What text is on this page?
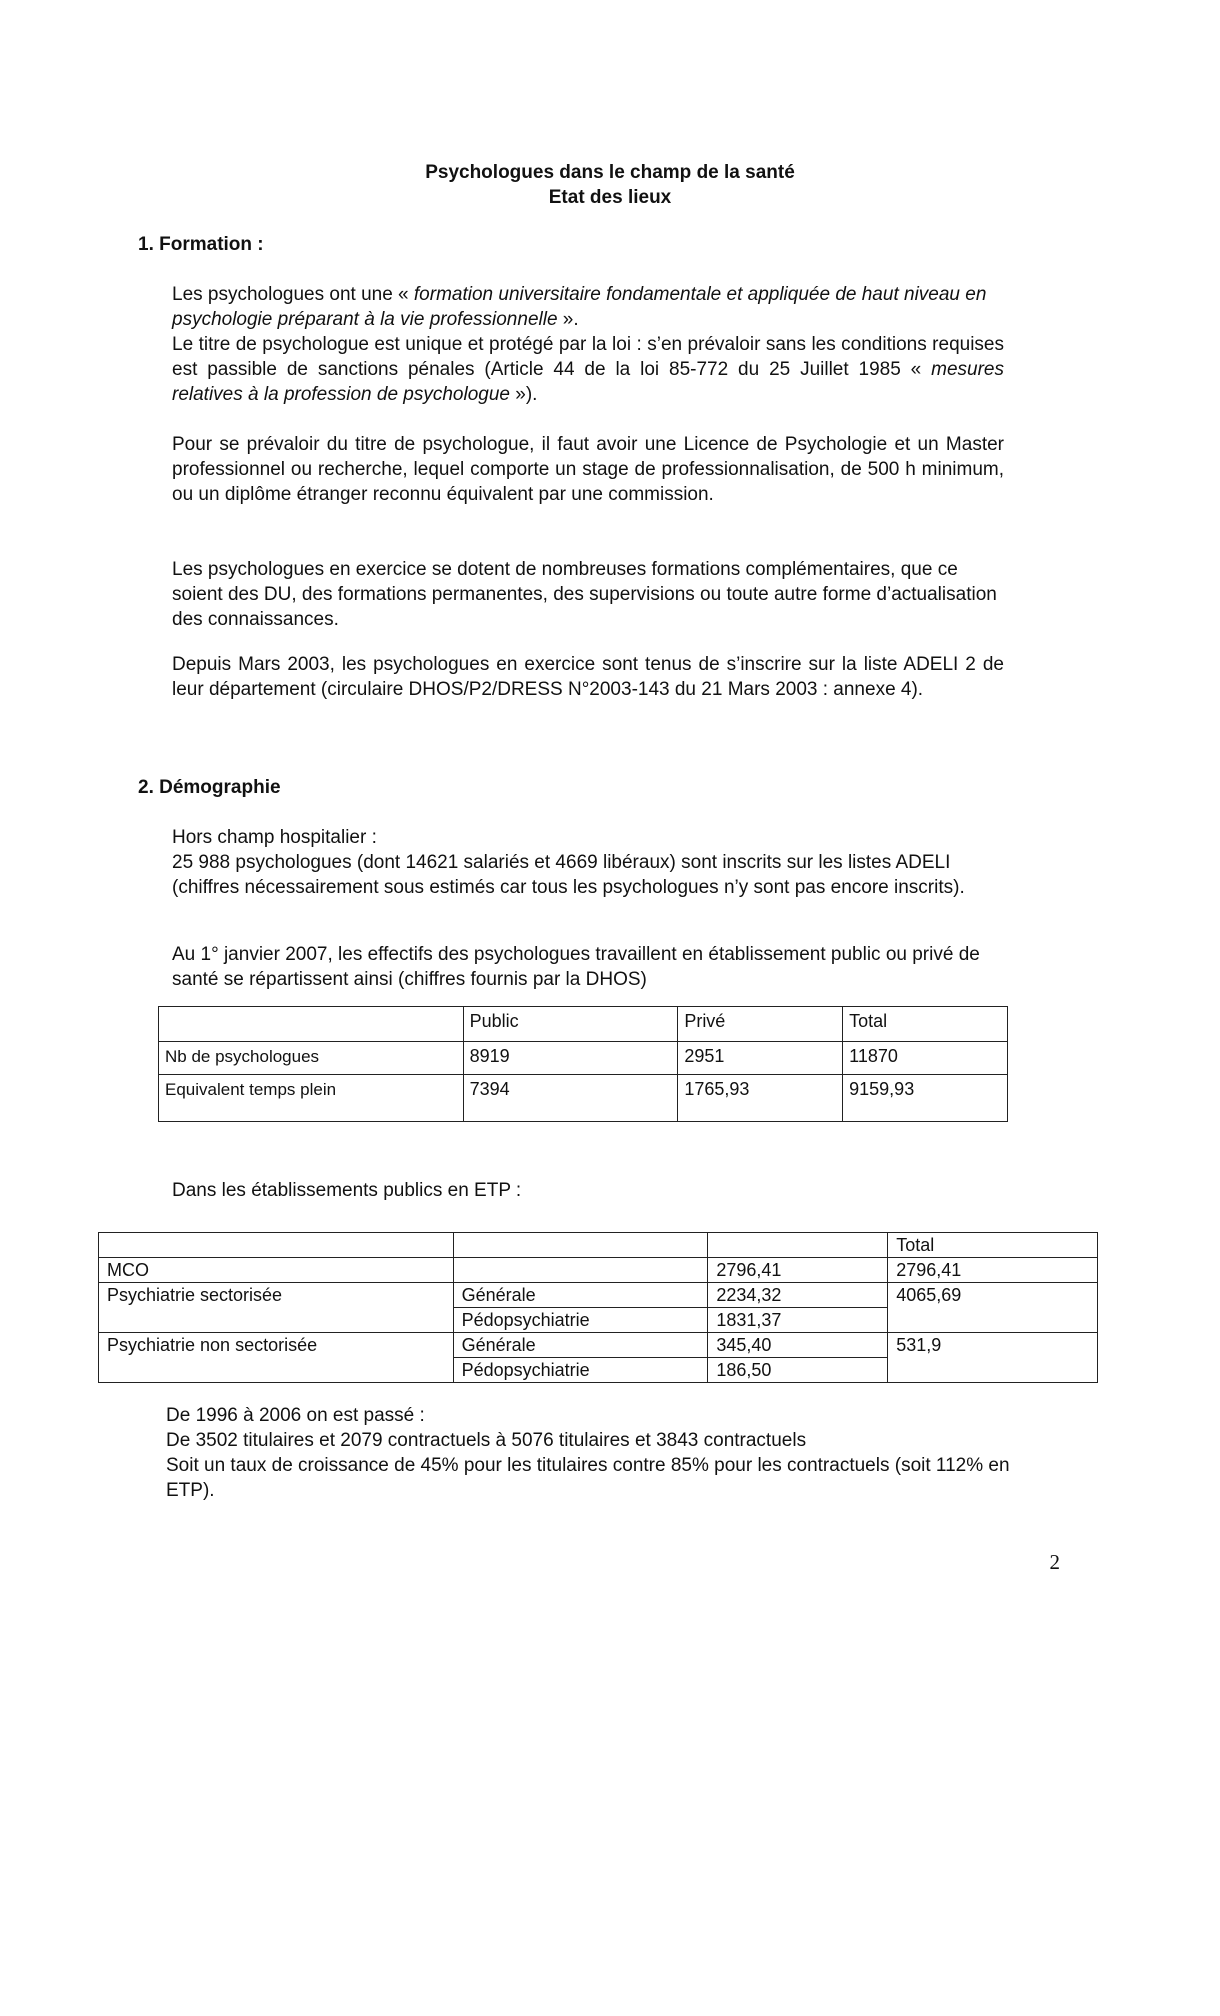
Psychologues dans le champ de la santé
Etat des lieux
1. Formation :

Les psychologues ont une « formation universitaire fondamentale et appliquée de haut niveau en psychologie préparant à la vie professionnelle ».

Le titre de psychologue est unique et protégé par la loi : s’en prévaloir sans les conditions requises est passible de sanctions pénales (Article 44 de la loi 85-772 du 25 Juillet 1985 « mesures relatives à la profession de psychologue »).

Pour se prévaloir du titre de psychologue, il faut avoir une Licence de Psychologie et un Master professionnel ou recherche, lequel comporte un stage de professionnalisation, de 500 h minimum, ou un diplôme étranger reconnu équivalent par une commission.
Les psychologues en exercice se dotent de nombreuses formations complémentaires, que ce soient des DU, des formations permanentes, des supervisions ou toute autre forme d’actualisation des connaissances.
Depuis Mars 2003, les psychologues en exercice sont tenus de s’inscrire sur la liste ADELI 2 de leur département (circulaire DHOS/P2/DRESS N°2003-143 du 21 Mars 2003 : annexe 4).
2. Démographie

Hors champ hospitalier :

25 988 psychologues (dont 14621 salariés et 4669 libéraux) sont inscrits sur les listes ADELI (chiffres nécessairement sous estimés car tous les psychologues n’y sont pas encore inscrits).

Au 1° janvier 2007, les effectifs des psychologues travaillent en établissement public ou privé de santé se répartissent ainsi (chiffres fournis par la DHOS)
	Public	Privé	Total
Nb de psychologues	8919	2951	11870
Equivalent temps plein	7394	1765,93	9159,93
Dans les établissements publics en ETP :
			Total
MCO		2796,41	2796,41
Psychiatrie sectorisée	Générale	2234,32	4065,69
	Pédopsychiatrie	1831,37	
Psychiatrie non sectorisée	Générale	345,40	531,9
	Pédopsychiatrie	186,50	

De 1996 à 2006 on est passé :

De 3502 titulaires et 2079 contractuels à 5076 titulaires et 3843 contractuels

Soit un taux de croissance de 45% pour les titulaires contre 85% pour les contractuels (soit 112% en ETP).

2
